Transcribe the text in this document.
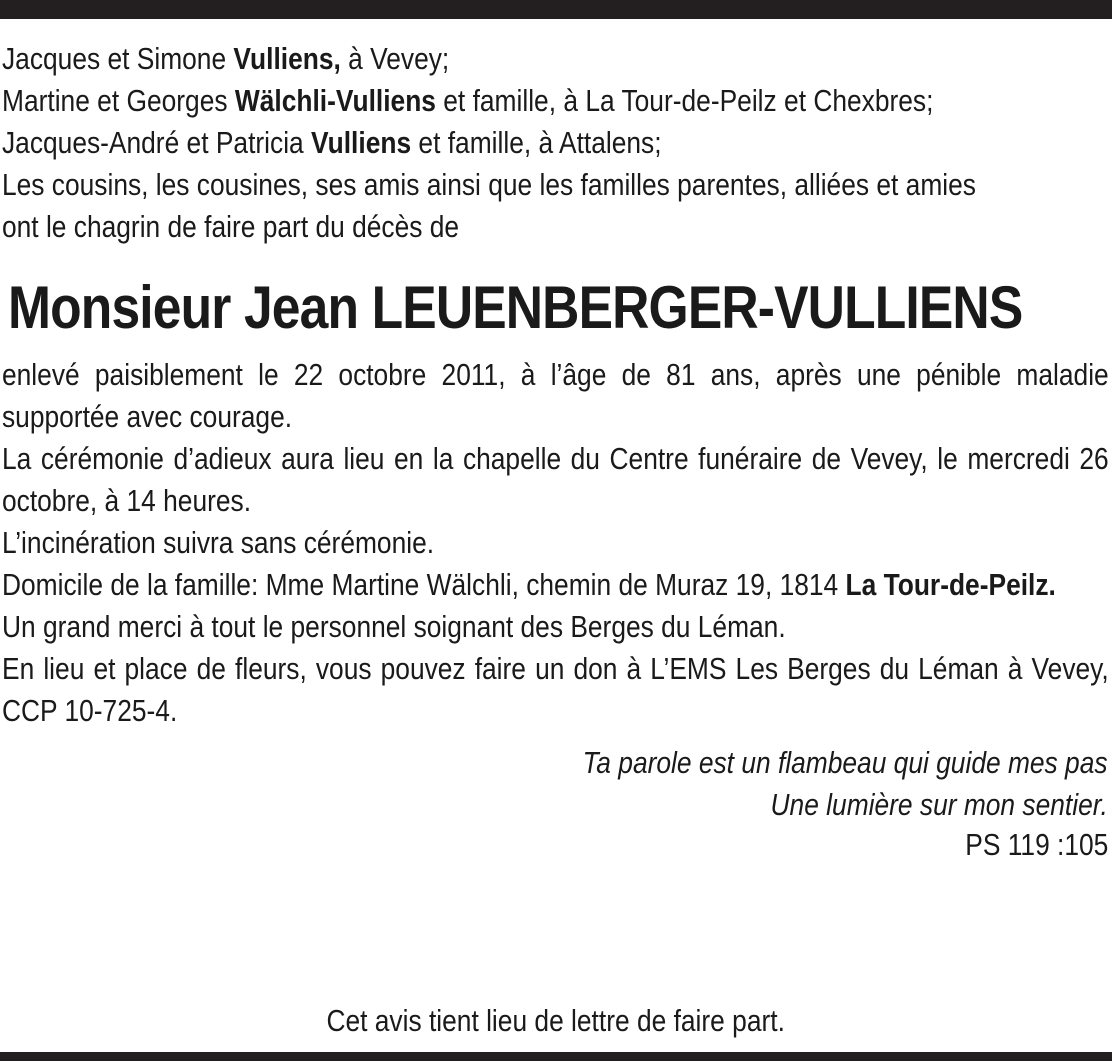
Jacques et Simone Vulliens, à Vevey;

Martine et Georges Wälchli-Vulliens et famille, à La Tour-de-Peilz et Chexbres;

Jacques-André et Patricia Vulliens et famille, à Attalens;

Les cousins, les cousines, ses amis ainsi que les familles parentes, alliées et amies

ont le chagrin de faire part du décès de

Monsieur Jean LEUENBERGER-VULLIENS

enlevé paisiblement le 22 octobre 2011, à l’âge de 81 ans, après une pénible maladie supportée avec courage.

La cérémonie d’adieux aura lieu en la chapelle du Centre funéraire de Vevey, le mercredi 26 octobre, à 14 heures.

L’incinération suivra sans cérémonie.

Domicile de la famille: Mme Martine Wälchli, chemin de Muraz 19, 1814 La Tour-de-Peilz.

Un grand merci à tout le personnel soignant des Berges du Léman.

En lieu et place de fleurs, vous pouvez faire un don à L’EMS Les Berges du Léman à Vevey, CCP 10-725-4.

Ta parole est un flambeau qui guide mes pas

Une lumière sur mon sentier.

PS 119 :105

Cet avis tient lieu de lettre de faire part.
